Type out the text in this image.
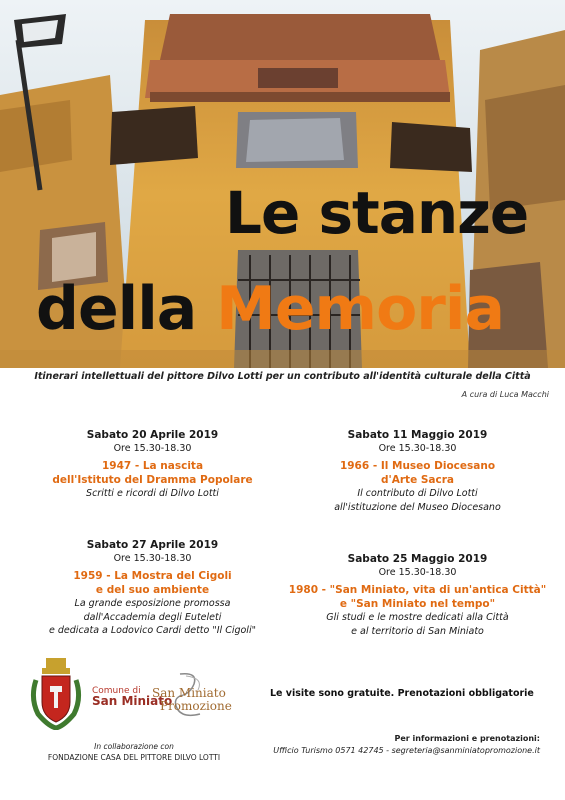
Le stanze
della Memoria
Itinerari intellettuali del pittore Dilvo Lotti per un contributo all'identità culturale della Città
A cura di Luca Macchi
Sabato 20 Aprile 2019
Ore 15.30-18.30
1947 - La nascita
dell'Istituto del Dramma Popolare
Scritti e ricordi di Dilvo Lotti
Sabato 11 Maggio 2019
Ore 15.30-18.30
1966 - Il Museo Diocesano
d'Arte Sacra
Il contributo di Dilvo Lotti
all'istituzione del Museo Diocesano
Sabato 27 Aprile 2019
Ore 15.30-18.30
1959 - La Mostra del Cigoli
e del suo ambiente
La grande esposizione promossa
dall'Accademia degli Euteleti
e dedicata a Lodovico Cardi detto "Il Cigoli"
Sabato 25 Maggio 2019
Ore 15.30-18.30
1980 - "San Miniato, vita di un'antica Città"
e "San Miniato nel tempo"
Gli studi e le mostre dedicati alla Città
e al territorio di San Miniato
Comune di
San Miniato
San Miniato
Promozione
Le visite sono gratuite. Prenotazioni obbligatorie
In collaborazione con
FONDAZIONE CASA DEL PITTORE DILVO LOTTI
Per informazioni e prenotazioni:
Ufficio Turismo 0571 42745 - segreteria@sanminiatopromozione.it
